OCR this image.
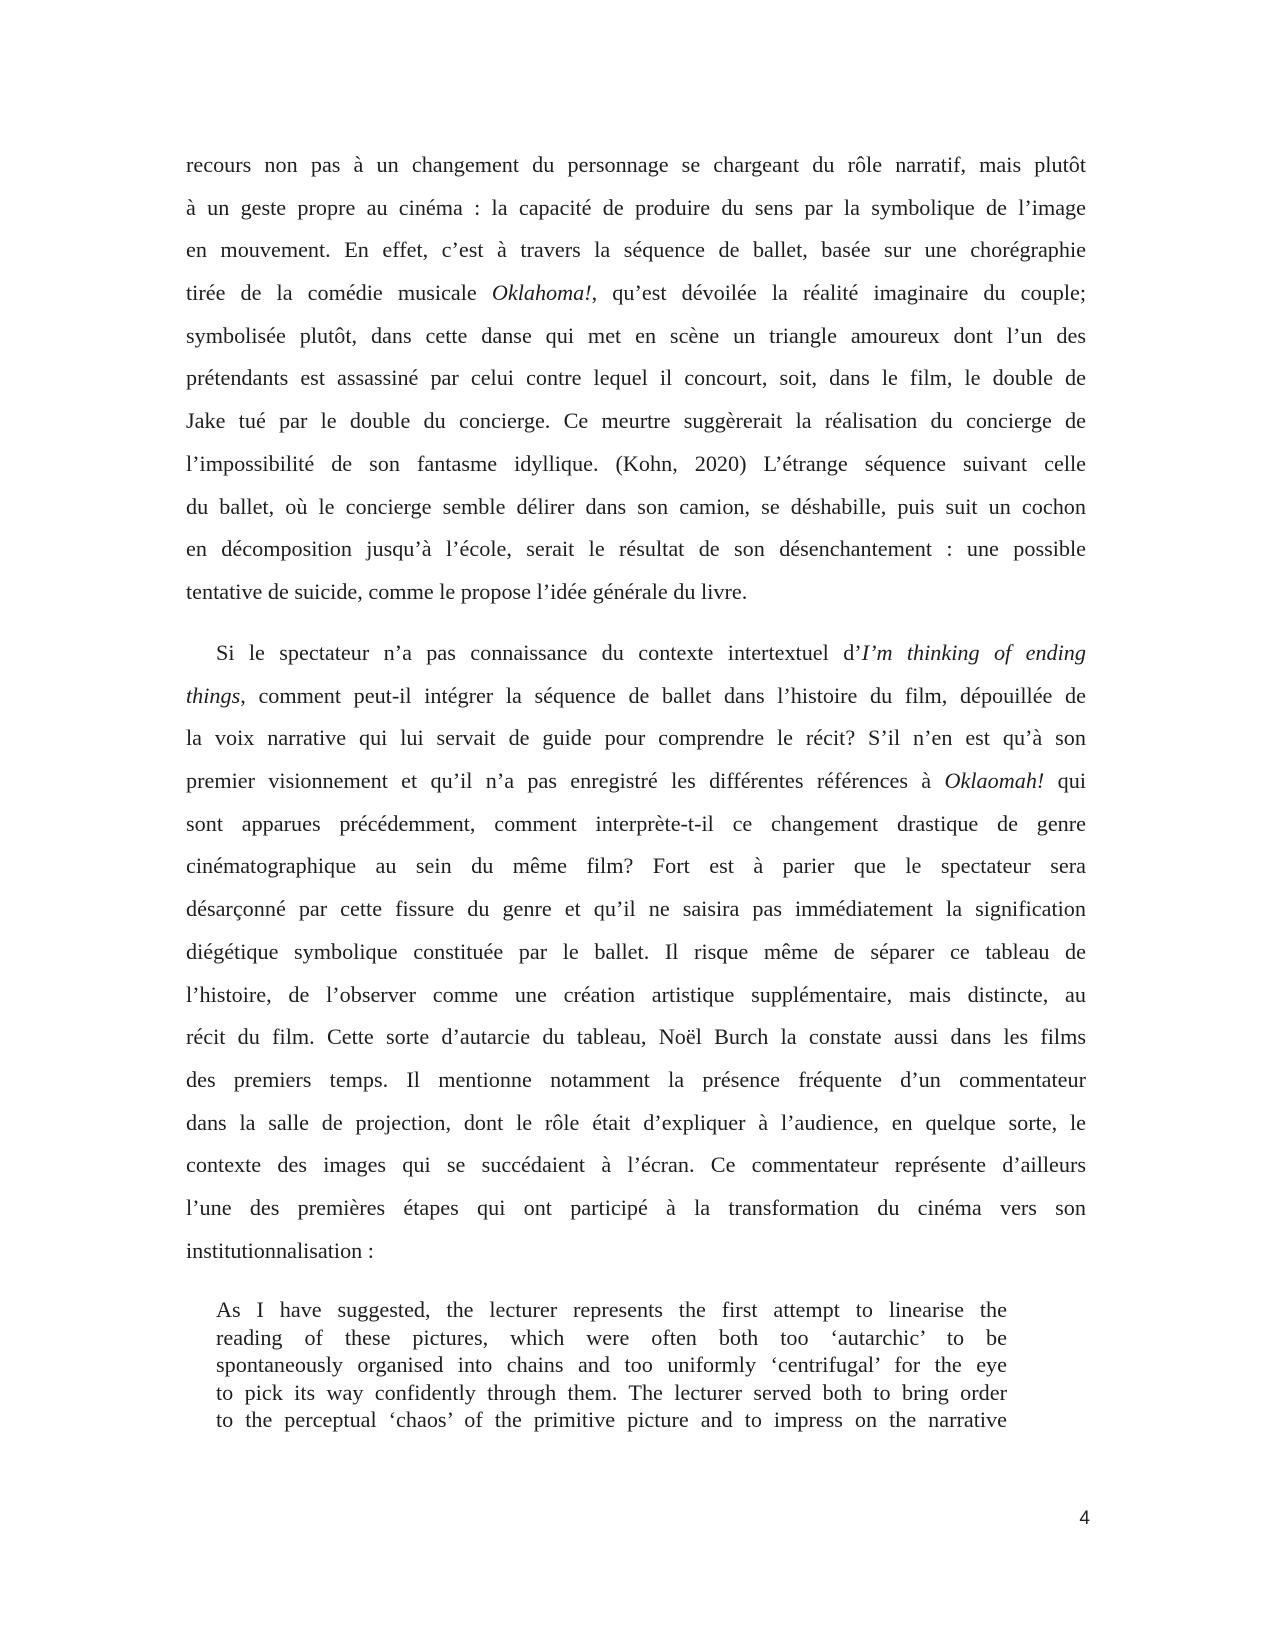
recours non pas à un changement du personnage se chargeant du rôle narratif, mais plutôt
à un geste propre au cinéma : la capacité de produire du sens par la symbolique de l’image
en mouvement. En effet, c’est à travers la séquence de ballet, basée sur une chorégraphie
tirée de la comédie musicale Oklahoma!, qu’est dévoilée la réalité imaginaire du couple;
symbolisée plutôt, dans cette danse qui met en scène un triangle amoureux dont l’un des
prétendants est assassiné par celui contre lequel il concourt, soit, dans le film, le double de
Jake tué par le double du concierge. Ce meurtre suggèrerait la réalisation du concierge de
l’impossibilité de son fantasme idyllique. (Kohn, 2020) L’étrange séquence suivant celle
du ballet, où le concierge semble délirer dans son camion, se déshabille, puis suit un cochon
en décomposition jusqu’à l’école, serait le résultat de son désenchantement : une possible
tentative de suicide, comme le propose l’idée générale du livre.
Si le spectateur n’a pas connaissance du contexte intertextuel d’I’m thinking of ending
things, comment peut-il intégrer la séquence de ballet dans l’histoire du film, dépouillée de
la voix narrative qui lui servait de guide pour comprendre le récit? S’il n’en est qu’à son
premier visionnement et qu’il n’a pas enregistré les différentes références à Oklaomah! qui
sont apparues précédemment, comment interprète-t-il ce changement drastique de genre
cinématographique au sein du même film? Fort est à parier que le spectateur sera
désarçonné par cette fissure du genre et qu’il ne saisira pas immédiatement la signification
diégétique symbolique constituée par le ballet. Il risque même de séparer ce tableau de
l’histoire, de l’observer comme une création artistique supplémentaire, mais distincte, au
récit du film. Cette sorte d’autarcie du tableau, Noël Burch la constate aussi dans les films
des premiers temps. Il mentionne notamment la présence fréquente d’un commentateur
dans la salle de projection, dont le rôle était d’expliquer à l’audience, en quelque sorte, le
contexte des images qui se succédaient à l’écran. Ce commentateur représente d’ailleurs
l’une des premières étapes qui ont participé à la transformation du cinéma vers son
institutionnalisation :
As I have suggested, the lecturer represents the first attempt to linearise the
reading of these pictures, which were often both too ‘autarchic’ to be
spontaneously organised into chains and too uniformly ‘centrifugal’ for the eye
to pick its way confidently through them. The lecturer served both to bring order
to the perceptual ‘chaos’ of the primitive picture and to impress on the narrative
4
